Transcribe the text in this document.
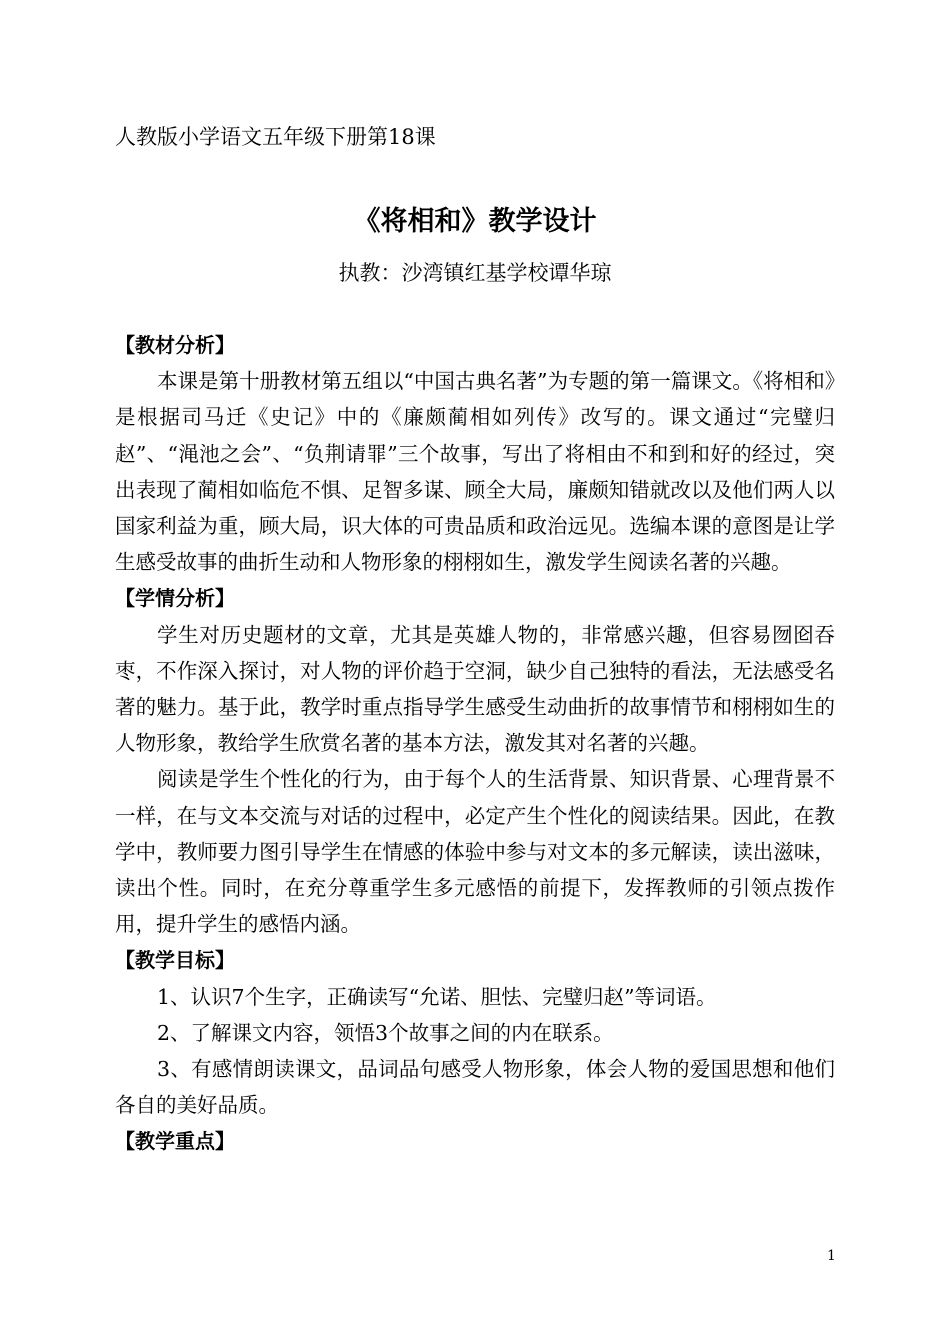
人教版小学语文五年级下册第18课
《将相和》教学设计
执教：沙湾镇红基学校谭华琼

【教材分析】

本课是第十册教材第五组以“中国古典名著”为专题的第一篇课文。《将相和》是根据司马迁《史记》中的《廉颇蔺相如列传》改写的。课文通过“完璧归赵”、“渑池之会”、“负荆请罪”三个故事，写出了将相由不和到和好的经过，突出表现了蔺相如临危不惧、足智多谋、顾全大局，廉颇知错就改以及他们两人以国家利益为重，顾大局，识大体的可贵品质和政治远见。选编本课的意图是让学生感受故事的曲折生动和人物形象的栩栩如生，激发学生阅读名著的兴趣。

【学情分析】

学生对历史题材的文章，尤其是英雄人物的，非常感兴趣，但容易囫囵吞枣，不作深入探讨，对人物的评价趋于空洞，缺少自己独特的看法，无法感受名著的魅力。基于此，教学时重点指导学生感受生动曲折的故事情节和栩栩如生的人物形象，教给学生欣赏名著的基本方法，激发其对名著的兴趣。

阅读是学生个性化的行为，由于每个人的生活背景、知识背景、心理背景不一样，在与文本交流与对话的过程中，必定产生个性化的阅读结果。因此，在教学中，教师要力图引导学生在情感的体验中参与对文本的多元解读，读出滋味，读出个性。同时，在充分尊重学生多元感悟的前提下，发挥教师的引领点拨作用，提升学生的感悟内涵。

【教学目标】

1、认识7个生字，正确读写“允诺、胆怯、完璧归赵”等词语。

2、了解课文内容，领悟3个故事之间的内在联系。

3、有感情朗读课文，品词品句感受人物形象，体会人物的爱国思想和他们各自的美好品质。

【教学重点】

1
